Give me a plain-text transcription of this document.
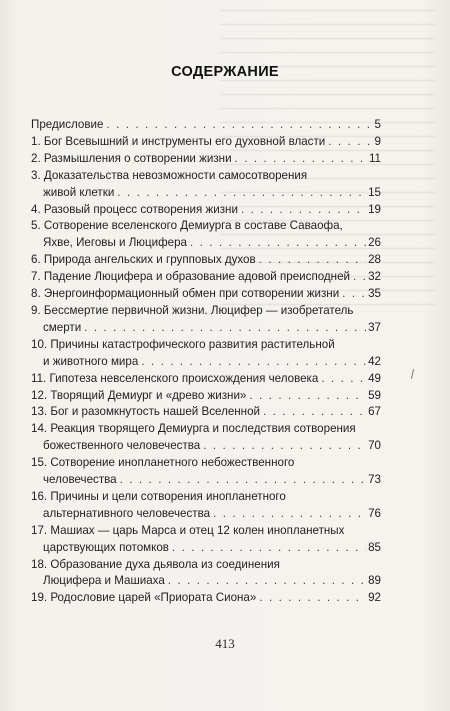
СОДЕРЖАНИЕ
Предисловие . . .	5
1. Бог Всевышний и инструменты его духовной власти . . .	9
2. Размышления о сотворении жизни . . .	11
3. Доказательства невозможности самосотворения
живой клетки . . .	15
4. Разовый процесс сотворения жизни . . .	19
5. Сотворение вселенского Демиурга в составе Саваофа,
Яхве, Иеговы и Люцифера . . .	26
6. Природа ангельских и групповых духов . . .	28
7. Падение Люцифера и образование адовой преисподней . . . 32
8. Энергоинформационный обмен при сотворении жизни . . . 35
9. Бессмертие первичной жизни. Люцифер — изобретатель
смерти . . .	37
10. Причины катастрофического развития растительной
и животного мира . . .	42
11. Гипотеза невселенского происхождения человека . . .	49
12. Творящий Демиург и «древо жизни» . . .	59
13. Бог и разомкнутость нашей Вселенной . . .	67
14. Реакция творящего Демиурга и последствия сотворения
божественного человечества . . .	70
15. Сотворение инопланетного небожественного
человечества . . .	73
16. Причины и цели сотворения инопланетного
альтернативного человечества . . .	76
17. Машиах — царь Марса и отец 12 колен инопланетных
царствующих потомков . . .	85
18. Образование духа дьявола из соединения
Люцифера и Машиаха . . .	89
19. Родословие царей «Приората Сиона» . . .	92
413
